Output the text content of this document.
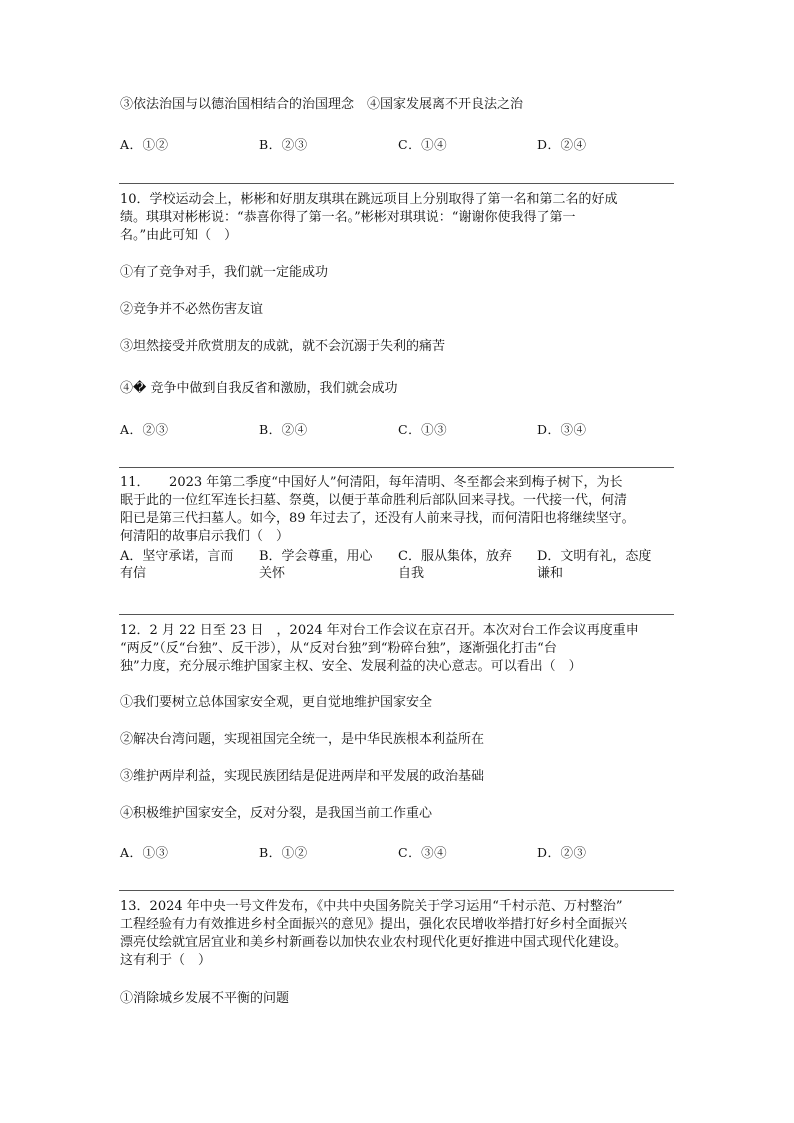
③依法治国与以德治国相结合的治国理念　④国家发展离不开良法之治
A．①②	B．②③	C．①④	D．②④
10．学校运动会上，彬彬和好朋友琪琪在跳远项目上分别取得了第一名和第二名的好成
绩。琪琪对彬彬说：“恭喜你得了第一名。”彬彬对琪琪说：“谢谢你使我得了第一
名。”由此可知（　）
①有了竞争对手，我们就一定能成功
②竞争并不必然伤害友谊
③坦然接受并欣赏朋友的成就，就不会沉溺于失利的痛苦
④� 竞争中做到自我反省和激励，我们就会成功
A．②③	B．②④	C．①③	D．③④
11．　　2023 年第二季度“中国好人”何清阳，每年清明、冬至都会来到梅子树下，为长
眠于此的一位红军连长扫墓、祭奠，以便于革命胜利后部队回来寻找。一代接一代，何清
阳已是第三代扫墓人。如今，89 年过去了，还没有人前来寻找，而何清阳也将继续坚守。
何清阳的故事启示我们（　）
A．坚守承诺，言而
有信
B．学会尊重，用心
关怀
C．服从集体，放弃
自我
D．文明有礼，态度
谦和
12．2 月 22 日至 23 日　，2024 年对台工作会议在京召开。本次对台工作会议再度重申
“两反”（反“台独”、反干涉），从“反对台独”到“粉碎台独”，逐渐强化打击“台
独”力度，充分展示维护国家主权、安全、发展利益的决心意志。可以看出（　）
①我们要树立总体国家安全观，更自觉地维护国家安全
②解决台湾问题，实现祖国完全统一，是中华民族根本利益所在
③维护两岸利益，实现民族团结是促进两岸和平发展的政治基础
④积极维护国家安全，反对分裂，是我国当前工作重心
A．①③	B．①②	C．③④	D．②③
13．2024 年中央一号文件发布，《中共中央国务院关于学习运用“千村示范、万村整治”
工程经验有力有效推进乡村全面振兴的意见》提出，强化农民增收举措打好乡村全面振兴
漂亮仗绘就宜居宜业和美乡村新画卷以加快农业农村现代化更好推进中国式现代化建设。
这有利于（　）
①消除城乡发展不平衡的问题
